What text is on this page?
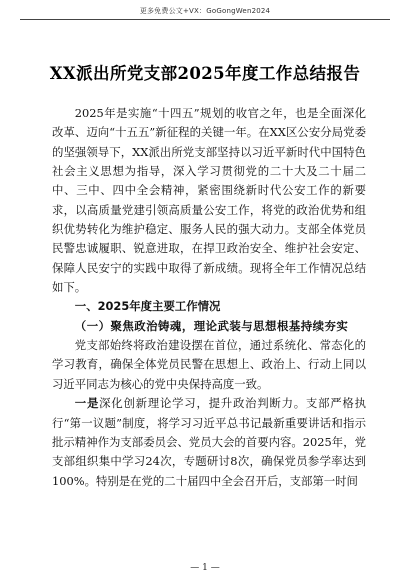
更多免费公文+VX：GoGongWen2024
XX派出所党支部2025年度工作总结报告

2025年是实施“十四五”规划的收官之年，也是全面深化改革、迈向“十五五”新征程的关键一年。在XX区公安分局党委的坚强领导下，XX派出所党支部坚持以习近平新时代中国特色社会主义思想为指导，深入学习贯彻党的二十大及二十届二中、三中、四中全会精神，紧密围绕新时代公安工作的新要求，以高质量党建引领高质量公安工作，将党的政治优势和组织优势转化为维护稳定、服务人民的强大动力。支部全体党员民警忠诚履职、锐意进取，在捍卫政治安全、维护社会安定、保障人民安宁的实践中取得了新成绩。现将全年工作情况总结如下。

一、2025年度主要工作情况

（一）聚焦政治铸魂，理论武装与思想根基持续夯实

党支部始终将政治建设摆在首位，通过系统化、常态化的学习教育，确保全体党员民警在思想上、政治上、行动上同以习近平同志为核心的党中央保持高度一致。

一是深化创新理论学习，提升政治判断力。支部严格执行“第一议题”制度，将学习习近平总书记最新重要讲话和指示批示精神作为支部委员会、党员大会的首要内容。2025年，党支部组织集中学习24次，专题研讨8次，确保党员参学率达到100%。特别是在党的二十届四中全会召开后，支部第一时间

— 1 —
